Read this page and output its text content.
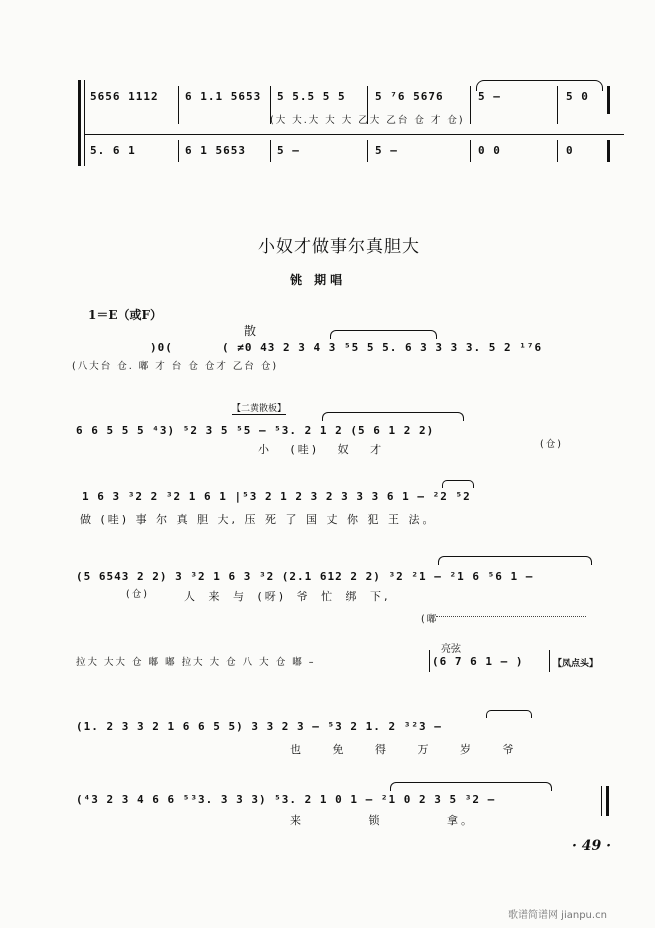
5656 1112 6 1.1 5653 5 5.5 5 5	5 ⁷6 5676	5 –	5 0
(大 大.大 大 大 乙大 乙台 仓 才 仓)
5. 6 1	6 1 5653	5 –	5 –	0 0	0
小奴才做事尔真胆大
铫 期唱
1＝E（或F）
散
)0(	( ≠0 43 2 3 4 3 ⁵5 5 5. 6 3 3 3 3. 5 2 ¹⁷6
(八大台 仓. 嘟 才 台 仓 仓才 乙台 仓)
【二黄散板】
6 6 5 5 5 ⁴3) ⁵2 3 5 ⁵5 – ⁵3. 2 1 2 (5 6 1 2 2)
小 (哇) 奴 才	(仓)
1 6 3 ³2 2 ³2 1 6 1 |⁵3 2 1 2 3 2 3 3 3 6 1 – ²2 ⁵2
做 (哇) 事 尔 真 胆 大, 压 死 了 国 丈 你 犯 王 法。
(5 6543 2 2) 3 ³2 1 6 3 ³2 (2.1 612 2 2) ³2 ²1 – ²1 6 ⁵6 1 –
人 来 与 (呀) 爷 忙 绑 下,
(仓)
(嘟
拉大 大大 仓 嘟 嘟 拉大 大 仓 八 大 仓 嘟 –
亮弦
(6 7 6 1 – )	【凤点头】
(1. 2 3 3 2 1 6 6 5 5) 3 3 2 3 – ⁵3 2 1. 2 ³²3 –
也 免 得 万 岁 爷
(⁴3 2 3 4 6 6 ⁵³3. 3 3 3) ⁵3. 2 1 0 1 – ²1 0 2 3 5 ³2 –
来 锁 拿。
· 49 ·
歌谱简谱网 jianpu.cn
